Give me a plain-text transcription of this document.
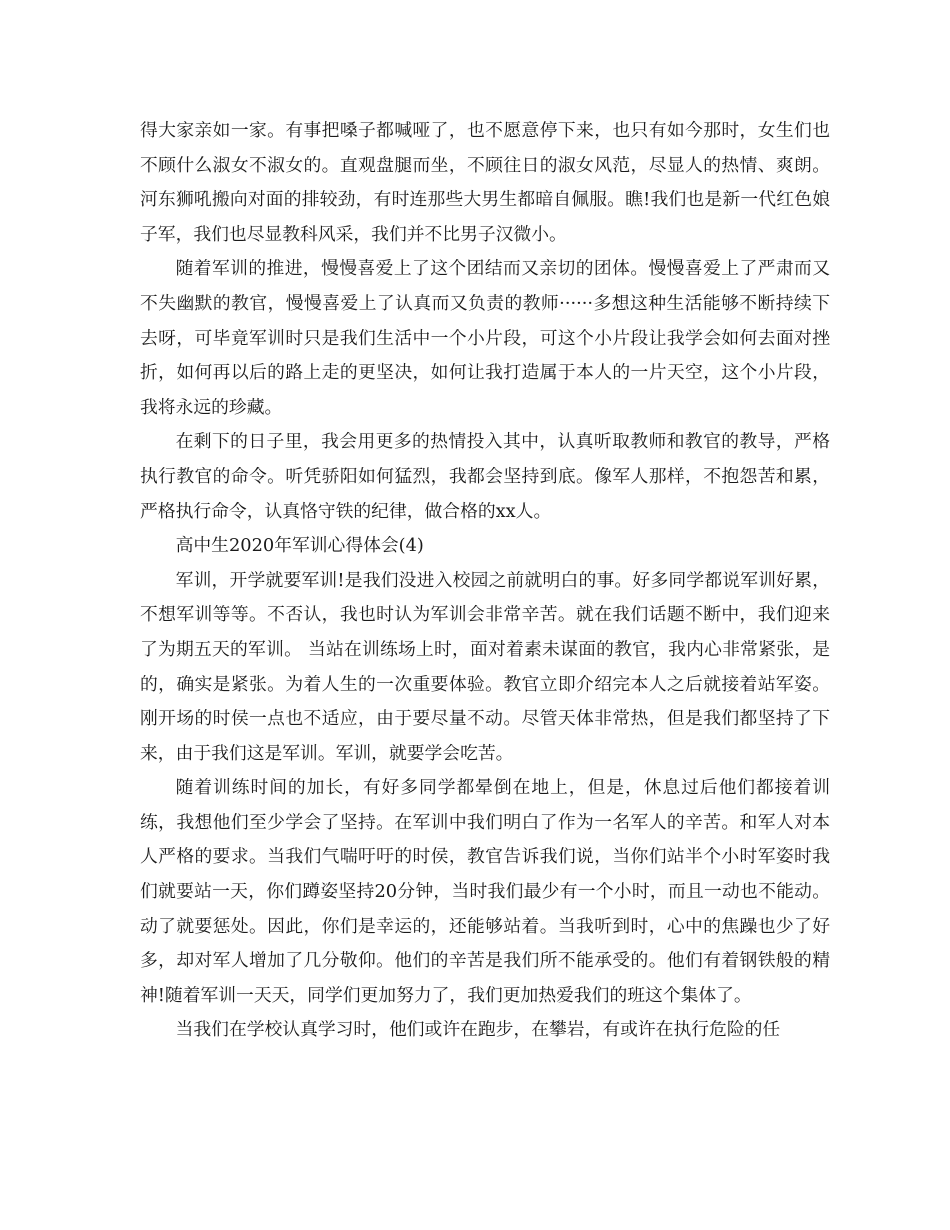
得大家亲如一家。有事把嗓子都喊哑了，也不愿意停下来，也只有如今那时，女生们也不顾什么淑女不淑女的。直观盘腿而坐，不顾往日的淑女风范，尽显人的热情、爽朗。河东狮吼搬向对面的排较劲，有时连那些大男生都暗自佩服。瞧!我们也是新一代红色娘子军，我们也尽显教科风采，我们并不比男子汉微小。

随着军训的推进，慢慢喜爱上了这个团结而又亲切的团体。慢慢喜爱上了严肃而又不失幽默的教官，慢慢喜爱上了认真而又负责的教师······多想这种生活能够不断持续下去呀，可毕竟军训时只是我们生活中一个小片段，可这个小片段让我学会如何去面对挫折，如何再以后的路上走的更坚决，如何让我打造属于本人的一片天空，这个小片段，我将永远的珍藏。

在剩下的日子里，我会用更多的热情投入其中，认真听取教师和教官的教导，严格执行教官的命令。听凭骄阳如何猛烈，我都会坚持到底。像军人那样，不抱怨苦和累，严格执行命令，认真恪守铁的纪律，做合格的xx人。

高中生2020年军训心得体会(4)

军训，开学就要军训!是我们没进入校园之前就明白的事。好多同学都说军训好累，不想军训等等。不否认，我也时认为军训会非常辛苦。就在我们话题不断中，我们迎来了为期五天的军训。 当站在训练场上时，面对着素未谋面的教官，我内心非常紧张，是的，确实是紧张。为着人生的一次重要体验。教官立即介绍完本人之后就接着站军姿。刚开场的时侯一点也不适应，由于要尽量不动。尽管天体非常热，但是我们都坚持了下来，由于我们这是军训。军训，就要学会吃苦。

随着训练时间的加长，有好多同学都晕倒在地上，但是，休息过后他们都接着训练，我想他们至少学会了坚持。在军训中我们明白了作为一名军人的辛苦。和军人对本人严格的要求。当我们气喘吁吁的时侯，教官告诉我们说，当你们站半个小时军姿时我们就要站一天，你们蹲姿坚持20分钟，当时我们最少有一个小时，而且一动也不能动。动了就要惩处。因此，你们是幸运的，还能够站着。当我听到时，心中的焦躁也少了好多，却对军人增加了几分敬仰。他们的辛苦是我们所不能承受的。他们有着钢铁般的精神!随着军训一天天，同学们更加努力了，我们更加热爱我们的班这个集体了。

当我们在学校认真学习时，他们或许在跑步，在攀岩，有或许在执行危险的任
